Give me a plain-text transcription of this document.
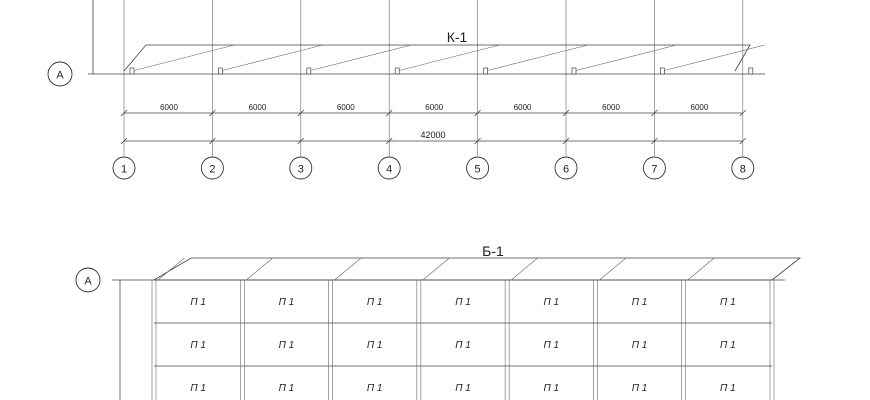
A
К-1
6000	6000	6000	6000	6000	6000	6000
42000
1	2	3	4	5	6	7	8
A
Б-1
П 1	П 1	П 1	П 1	П 1	П 1	П 1
П 1	П 1	П 1	П 1	П 1	П 1	П 1
П 1	П 1	П 1	П 1	П 1	П 1	П 1
